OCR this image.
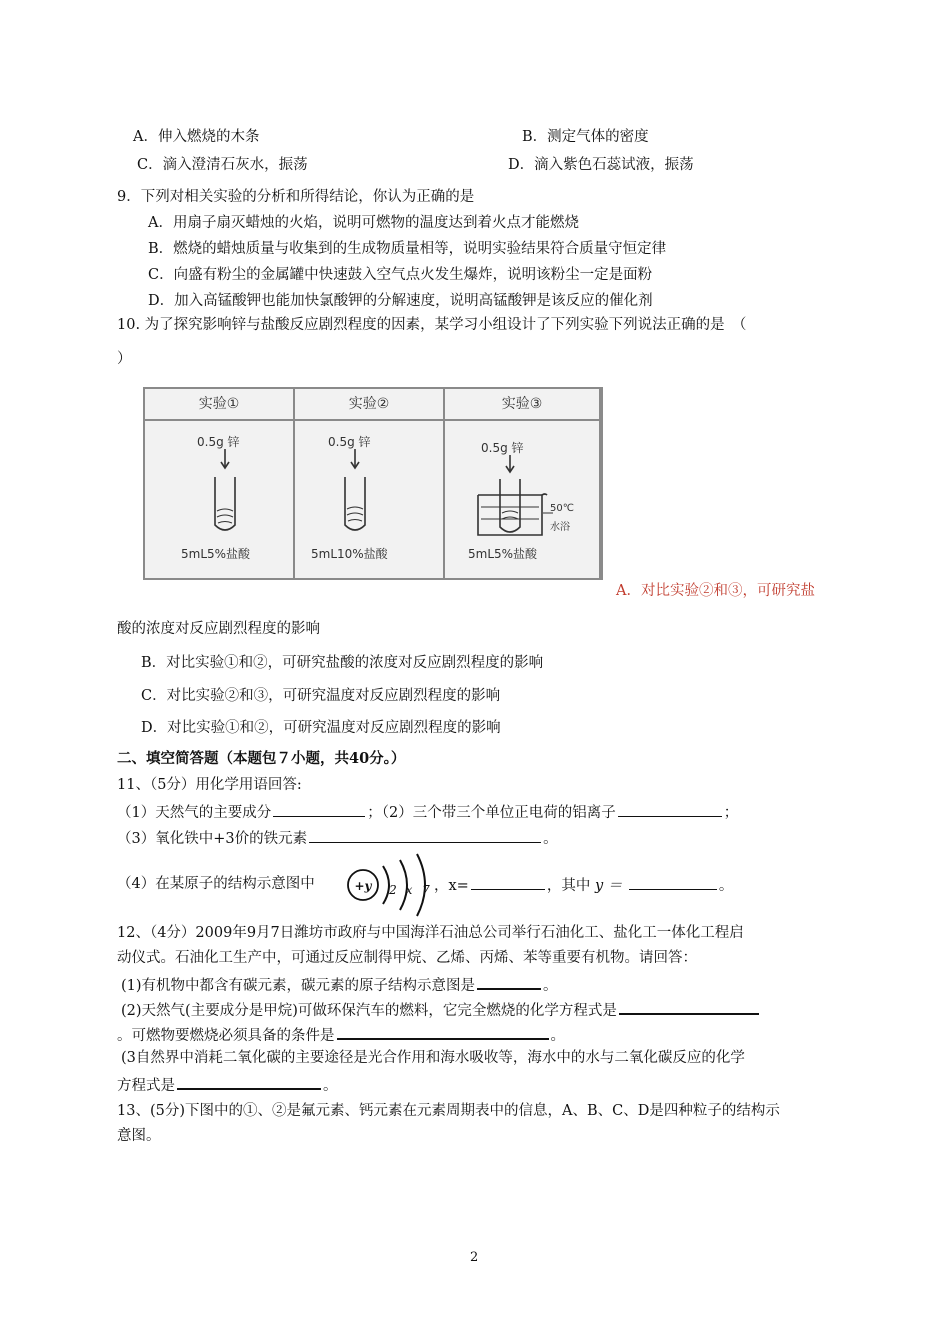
A．伸入燃烧的木条	B．测定气体的密度
C．滴入澄清石灰水，振荡	D．滴入紫色石蕊试液，振荡
9．下列对相关实验的分析和所得结论，你认为正确的是
A．用扇子扇灭蜡烛的火焰，说明可燃物的温度达到着火点才能燃烧
B．燃烧的蜡烛质量与收集到的生成物质量相等，说明实验结果符合质量守恒定律
C．向盛有粉尘的金属罐中快速鼓入空气点火发生爆炸，说明该粉尘一定是面粉
D．加入高锰酸钾也能加快氯酸钾的分解速度，说明高锰酸钾是该反应的催化剂
10. 为了探究影响锌与盐酸反应剧烈程度的因素，某学习小组设计了下列实验下列说法正确的是　（
）
实验①	实验②	实验③
0.5g 锌	0.5g 锌	0.5g 锌
5mL5%盐酸	5mL10%盐酸	5mL5%盐酸
50℃
水浴
A．对比实验②和③，可研究盐
酸的浓度对反应剧烈程度的影响
B．对比实验①和②，可研究盐酸的浓度对反应剧烈程度的影响
C．对比实验②和③，可研究温度对反应剧烈程度的影响
D．对比实验①和②，可研究温度对反应剧烈程度的影响
二、填空简答题（本题包７小题，共40分。）
11、（5分）用化学用语回答:
（1）天然气的主要成分	；（2）三个带三个单位正电荷的铝离子	；
（3）氧化铁中+3价的铁元素	。
（4）在某原子的结构示意图中	+y 2 x 7 ，x=	，其中 y ＝	。
12、（4分）2009年9月7日潍坊市政府与中国海洋石油总公司举行石油化工、盐化工一体化工程启
动仪式。石油化工生产中，可通过反应制得甲烷、乙烯、丙烯、苯等重要有机物。请回答：
(1)有机物中都含有碳元素，碳元素的原子结构示意图是	。
(2)天然气(主要成分是甲烷)可做环保汽车的燃料，它完全燃烧的化学方程式是
。可燃物要燃烧必须具备的条件是	。
(3自然界中消耗二氧化碳的主要途径是光合作用和海水吸收等，海水中的水与二氧化碳反应的化学
方程式是	。
13、(5分)下图中的①、②是氟元素、钙元素在元素周期表中的信息，A、B、C、D是四种粒子的结构示
意图。
2
